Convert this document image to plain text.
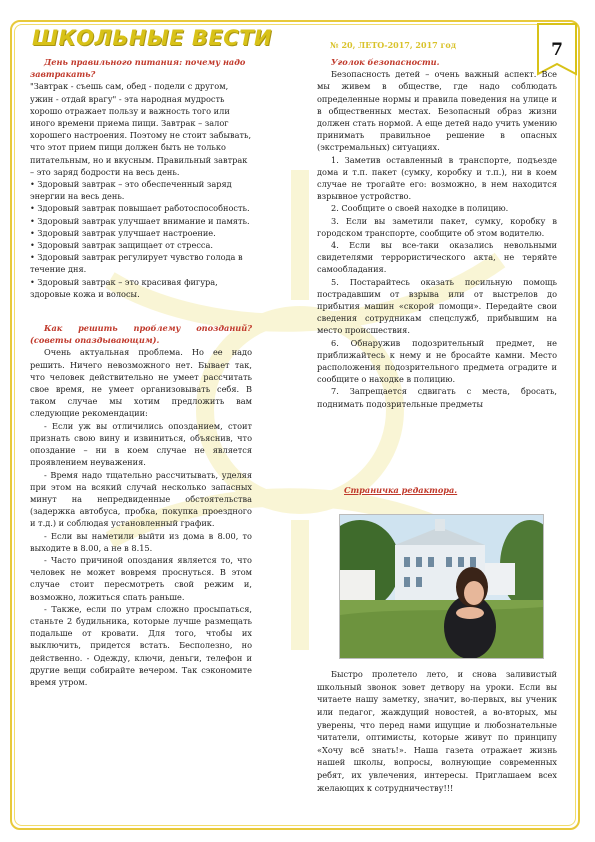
ШКОЛЬНЫЕ ВЕСТИ	№ 20, ЛЕТО-2017, 2017 год	7

День правильного питания: почему надо завтракать?

"Завтрак - съешь сам, обед - подели с другом, ужин - отдай врагу" - эта народная мудрость хорошо отражает пользу и важность того или иного времени приема пищи. Завтрак – залог хорошего настроения. Поэтому не стоит забывать, что этот прием пищи должен быть не только питательным, но и вкусным. Правильный завтрак – это заряд бодрости на весь день.

• Здоровый завтрак – это обеспеченный заряд энергии на весь день.

• Здоровый завтрак повышает работоспособность.

• Здоровый завтрак улучшает внимание и память.

• Здоровый завтрак улучшает настроение.

• Здоровый завтрак защищает от стресса.

• Здоровый завтрак регулирует чувство голода в течение дня.

• Здоровый завтрак – это красивая фигура, здоровые кожа и волосы.

Как решить проблему опозданий? (советы опаздывающим).

Очень актуальная проблема. Но ее надо решить. Ничего невозможного нет. Бывает так, что человек действительно не умеет рассчитать свое время, не умеет организовывать себя. В таком случае мы хотим предложить вам следующие рекомендации:

- Если уж вы отличились опозданием, стоит признать свою вину и извиниться, объяснив, что опоздание – ни в коем случае не является проявлением неуважения.

- Время надо тщательно рассчитывать, уделяя при этом на всякий случай несколько запасных минут на непредвиденные обстоятельства (задержка автобуса, пробка, покупка проездного и т.д.) и соблюдая установленный график.

- Если вы наметили выйти из дома в 8.00, то выходите в 8.00, а не в 8.15.

- Часто причиной опоздания является то, что человек не может вовремя проснуться. В этом случае стоит пересмотреть свой режим и, возможно, ложиться спать раньше.

- Также, если по утрам сложно просыпаться, станьте 2 будильника, которые лучше размещать подальше от кровати. Для того, чтобы их выключить, придется встать. Бесполезно, но действенно. - Одежду, ключи, деньги, телефон и другие вещи собирайте вечером. Так сэкономите время утром.

Уголок безопасности.

Безопасность детей – очень важный аспект. Все мы живем в обществе, где надо соблюдать определенные нормы и правила поведения на улице и в общественных местах. Безопасный образ жизни должен стать нормой. А еще детей надо учить умению принимать правильное решение в опасных (экстремальных) ситуациях.

1. Заметив оставленный в транспорте, подъезде дома и т.п. пакет (сумку, коробку и т.п.), ни в коем случае не трогайте его: возможно, в нем находится взрывное устройство.

2. Сообщите о своей находке в полицию.

3. Если вы заметили пакет, сумку, коробку в городском транспорте, сообщите об этом водителю.

4. Если вы все-таки оказались невольными свидетелями террористического акта, не теряйте самообладания.

5. Постарайтесь оказать посильную помощь пострадавшим от взрыва или от выстрелов до прибытия машин «скорой помощи». Передайте свои сведения сотрудникам спецслужб, прибывшим на место происшествия.

6. Обнаружив подозрительный предмет, не приближайтесь к нему и не бросайте камни. Место расположения подозрительного предмета оградите и сообщите о находке в полицию.

7. Запрещается сдвигать с места, бросать, поднимать подозрительные предметы

Страничка редактора.

Быстро пролетело лето, и снова заливистый школьный звонок зовет детвору на уроки. Если вы читаете нашу заметку, значит, во-первых, вы ученик или педагог, жаждущий новостей, а во-вторых, мы уверены, что перед нами ищущие и любознательные читатели, оптимисты, которые живут по принципу «Хочу всё знать!». Наша газета отражает жизнь нашей школы, вопросы, волнующие современных ребят, их увлечения, интересы. Приглашаем всех желающих к сотрудничеству!!!
